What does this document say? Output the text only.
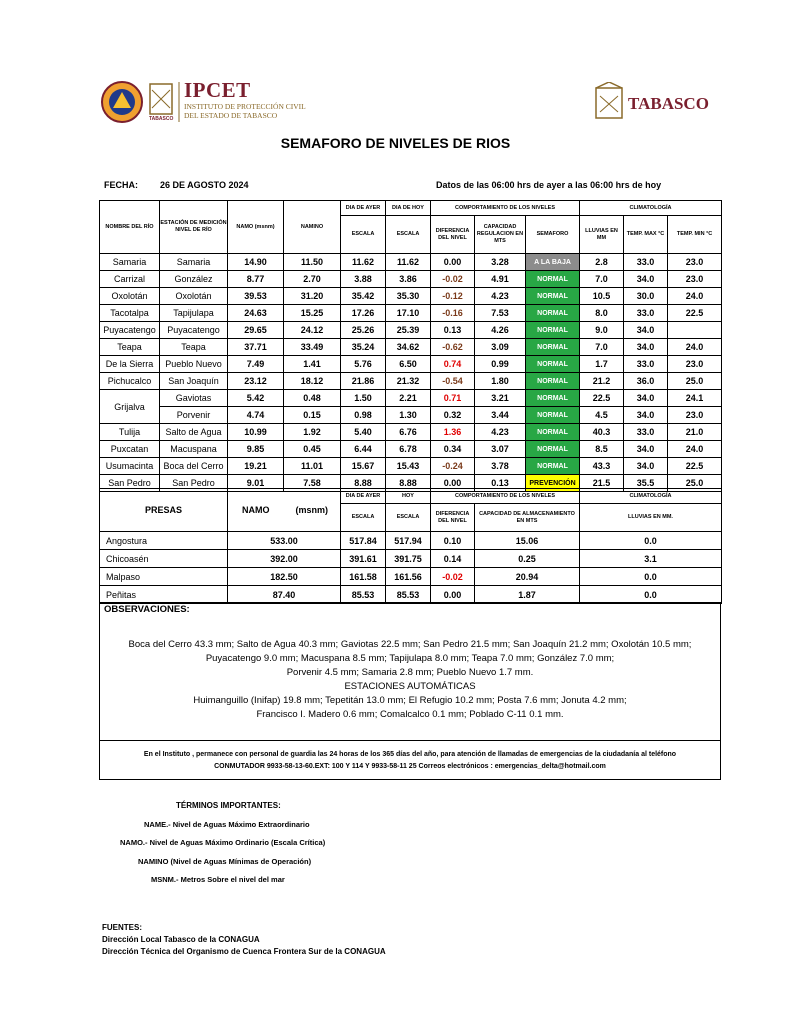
TABASCO
IPCET
INSTITUTO DE PROTECCIÓN CIVIL
DEL ESTADO DE TABASCO
TABASCO
SEMAFORO DE NIVELES DE RIOS
FECHA: 26 DE AGOSTO 2024	Datos de las 06:00 hrs de ayer a las 06:00 hrs de hoy
NOMBRE DEL RÍO	ESTACIÓN DE MEDICIÓN NIVEL DE RÍO	NAMO (msnm)	NAMINO	DIA DE AYER	DIA DE HOY	COMPORTAMIENTO DE LOS NIVELES			CLIMATOLOGÍA		
				ESCALA	ESCALA	DIFERENCIA DEL NIVEL	CAPACIDAD REGULACION EN MTS	SEMAFORO	LLUVIAS EN MM	TEMP. MAX °C	TEMP. MIN °C
Samaria	Samaria	14.90	11.50	11.62	11.62	0.00	3.28	A LA BAJA	2.8	33.0	23.0
Carrizal	González	8.77	2.70	3.88	3.86	-0.02	4.91	NORMAL	7.0	34.0	23.0
Oxolotán	Oxolotán	39.53	31.20	35.42	35.30	-0.12	4.23	NORMAL	10.5	30.0	24.0
Tacotalpa	Tapijulapa	24.63	15.25	17.26	17.10	-0.16	7.53	NORMAL	8.0	33.0	22.5
Puyacatengo	Puyacatengo	29.65	24.12	25.26	25.39	0.13	4.26	NORMAL	9.0	34.0	
Teapa	Teapa	37.71	33.49	35.24	34.62	-0.62	3.09	NORMAL	7.0	34.0	24.0
De la Sierra	Pueblo Nuevo	7.49	1.41	5.76	6.50	0.74	0.99	NORMAL	1.7	33.0	23.0
Pichucalco	San Joaquín	23.12	18.12	21.86	21.32	-0.54	1.80	NORMAL	21.2	36.0	25.0
Grijalva	Gaviotas	5.42	0.48	1.50	2.21	0.71	3.21	NORMAL	22.5	34.0	24.1
	Porvenir	4.74	0.15	0.98	1.30	0.32	3.44	NORMAL	4.5	34.0	23.0
Tulija	Salto de Agua	10.99	1.92	5.40	6.76	1.36	4.23	NORMAL	40.3	33.0	21.0
Puxcatan	Macuspana	9.85	0.45	6.44	6.78	0.34	3.07	NORMAL	8.5	34.0	24.0
Usumacinta	Boca del Cerro	19.21	11.01	15.67	15.43	-0.24	3.78	NORMAL	43.3	34.0	22.5
San Pedro	San Pedro	9.01	7.58	8.88	8.88	0.00	0.13	PREVENCIÓN	21.5	35.5	25.0
PRESAS	NAMO	(msnm)	DIA DE AYER	HOY	COMPORTAMIENTO DE LOS NIVELES		CLIMATOLOGÍA
			ESCALA	ESCALA	DIFERENCIA DEL NIVEL	CAPACIDAD DE ALMACENAMIENTO EN MTS	LLUVIAS EN MM.
Angostura	533.00		517.84	517.94	0.10	15.06	0.0
Chicoasén	392.00		391.61	391.75	0.14	0.25	3.1
Malpaso	182.50		161.58	161.56	-0.02	20.94	0.0
Peñitas	87.40		85.53	85.53	0.00	1.87	0.0
OBSERVACIONES:
Boca del Cerro 43.3 mm; Salto de Agua 40.3 mm; Gaviotas 22.5 mm; San Pedro 21.5 mm; San Joaquín 21.2 mm; Oxolotán 10.5 mm;
Puyacatengo 9.0 mm; Macuspana 8.5 mm; Tapijulapa 8.0 mm; Teapa 7.0 mm; González 7.0 mm;
Porvenir 4.5 mm; Samaria 2.8 mm; Pueblo Nuevo 1.7 mm.
ESTACIONES AUTOMÁTICAS
Huimanguillo (Inifap) 19.8 mm; Tepetitán 13.0 mm; El Refugio 10.2 mm; Posta 7.6 mm; Jonuta 4.2 mm;
Francisco I. Madero 0.6 mm; Comalcalco 0.1 mm; Poblado C-11 0.1 mm.
En el Instituto , permanece con personal de guardia las 24 horas de los 365 días del año, para atención de llamadas de emergencias de la ciudadanía al teléfono
CONMUTADOR 9933-58-13-60.EXT: 100 Y 114 Y 9933-58-11 25 Correos electrónicos : emergencias_delta@hotmail.com
TÉRMINOS IMPORTANTES:
NAME.- Nivel de Aguas Máximo Extraordinario
NAMO.- Nivel de Aguas Máximo Ordinario (Escala Crítica)
NAMINO (Nivel de Aguas Mínimas de Operación)
MSNM.- Metros Sobre el nivel del mar
FUENTES:
Dirección Local Tabasco de la CONAGUA
Dirección Técnica del Organismo de Cuenca Frontera Sur de la CONAGUA
